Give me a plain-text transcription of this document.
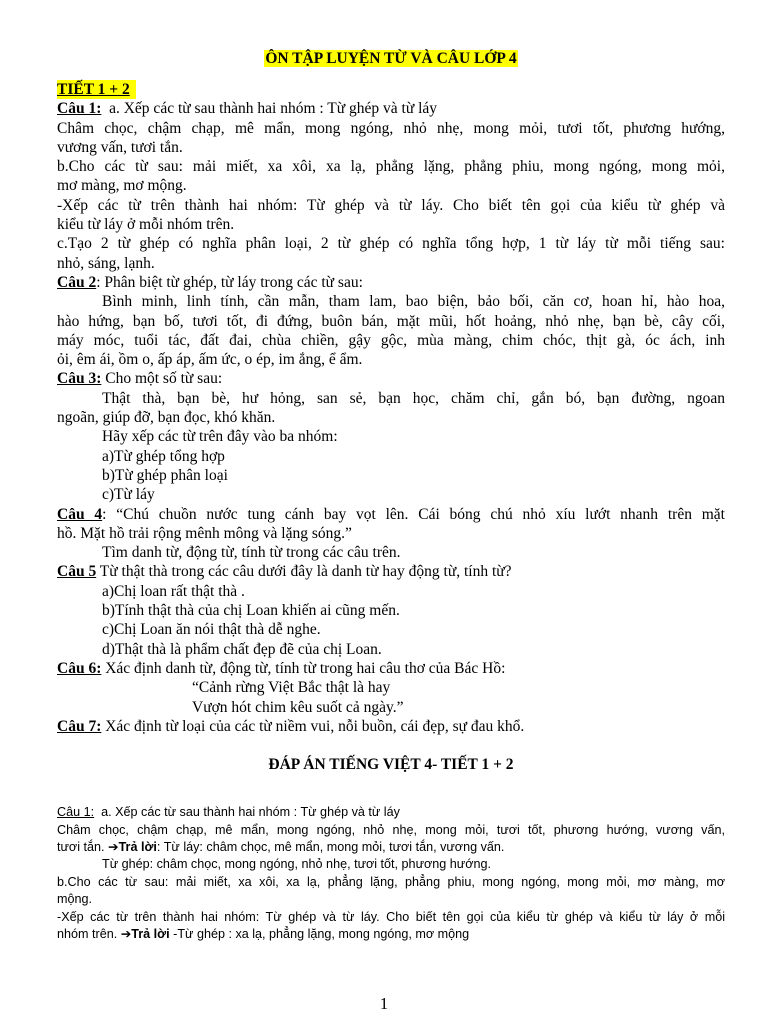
ÔN TẬP LUYỆN TỪ VÀ CÂU LỚP 4

TIẾT 1 + 2

Câu 1: a. Xếp các từ sau thành hai nhóm : Từ ghép và từ láy

Châm chọc, chậm chạp, mê mẩn, mong ngóng, nhỏ nhẹ, mong mỏi, tươi tốt, phương hướng,

vương vấn, tươi tắn.

b.Cho các từ sau: mải miết, xa xôi, xa lạ, phẳng lặng, phẳng phiu, mong ngóng, mong mỏi,

mơ màng, mơ mộng.

-Xếp các từ trên thành hai nhóm: Từ ghép và từ láy. Cho biết tên gọi của kiểu từ ghép và

kiểu từ láy ở mỗi nhóm trên.

c.Tạo 2 từ ghép có nghĩa phân loại, 2 từ ghép có nghĩa tổng hợp, 1 từ láy từ mỗi tiếng sau:

nhỏ, sáng, lạnh.

Câu 2: Phân biệt từ ghép, từ láy trong các từ sau:

Bình minh, linh tính, cần mẫn, tham lam, bao biện, bảo bối, căn cơ, hoan hỉ, hào hoa,

hào hứng, bạn bố, tươi tốt, đi đứng, buôn bán, mặt mũi, hốt hoảng, nhỏ nhẹ, bạn bè, cây cối,

máy móc, tuổi tác, đất đai, chùa chiền, gậy gộc, mùa màng, chim chóc, thịt gà, óc ách, inh

ỏi, êm ái, ồm o, ấp áp, ấm ức, o ép, im ắng, ể ẩm.

Câu 3: Cho một số từ sau:

Thật thà, bạn bè, hư hỏng, san sẻ, bạn học, chăm chỉ, gắn bó, bạn đường, ngoan

ngoãn, giúp đỡ, bạn đọc, khó khăn.

Hãy xếp các từ trên đây vào ba nhóm:

a)Từ ghép tổng hợp

b)Từ ghép phân loại

c)Từ láy

Câu 4: “Chú chuồn nước tung cánh bay vọt lên. Cái bóng chú nhỏ xíu lướt nhanh trên mặt

hồ. Mặt hồ trải rộng mênh mông và lặng sóng.”

Tìm danh từ, động từ, tính từ trong các câu trên.

Câu 5 Từ thật thà trong các câu dưới đây là danh từ hay động từ, tính từ?

a)Chị loan rất thật thà .

b)Tính thật thà của chị Loan khiến ai cũng mến.

c)Chị Loan ăn nói thật thà dễ nghe.

d)Thật thà là phẩm chất đẹp đẽ của chị Loan.

Câu 6: Xác định danh từ, động từ, tính từ trong hai câu thơ của Bác Hồ:

“Cảnh rừng Việt Bắc thật là hay

Vượn hót chim kêu suốt cả ngày.”

Câu 7: Xác định từ loại của các từ niềm vui, nỗi buồn, cái đẹp, sự đau khổ.

ĐÁP ÁN TIẾNG VIỆT 4- TIẾT 1 + 2

Câu 1: a. Xếp các từ sau thành hai nhóm : Từ ghép và từ láy

Châm chọc, chậm chạp, mê mẩn, mong ngóng, nhỏ nhẹ, mong mỏi, tươi tốt, phương hướng, vương vấn,

tươi tắn. ➔Trả lời: Từ láy: châm chọc, mê mẩn, mong mỏi, tươi tắn, vương vấn.

Từ ghép: châm chọc, mong ngóng, nhỏ nhẹ, tươi tốt, phương hướng.

b.Cho các từ sau: mải miết, xa xôi, xa lạ, phẳng lặng, phẳng phiu, mong ngóng, mong mỏi, mơ màng, mơ

mộng.

-Xếp các từ trên thành hai nhóm: Từ ghép và từ láy. Cho biết tên gọi của kiểu từ ghép và kiểu từ láy ở mỗi

nhóm trên. ➔Trả lời -Từ ghép : xa lạ, phẳng lặng, mong ngóng, mơ mộng

1
